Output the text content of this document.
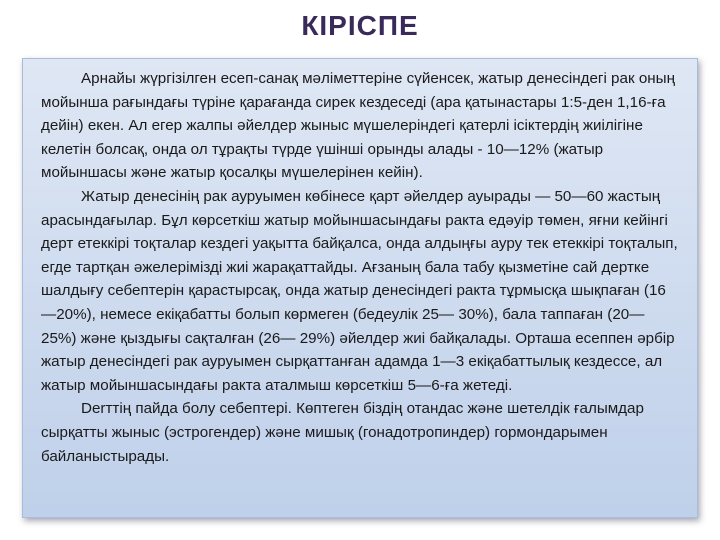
КІРІСПЕ

Арнайы жүргізілген есеп-санақ мәліметтеріне сүйенсек, жатыр денесіндегі рак оның мойынша рағындағы түріне қарағанда сирек кездеседі (ара қатынастары 1:5-ден 1,16-ға дейін) екен. Ал егер жалпы әйелдер жыныс мүшелеріндегі қатерлі ісіктердің жиілігіне келетін болсақ, онда ол тұрақты түрде үшінші орынды алады - 10—12% (жатыр мойыншасы және жатыр қосалқы мүшелерінен кейін).

Жатыр денесінің рак ауруымен көбінесе қарт әйелдер ауырады — 50—60 жастың арасындағылар. Бұл көрсеткіш жатыр мойыншасындағы ракта едәуір төмен, яғни кейінгі дерт етеккірі тоқталар кездегі уақытта байқалса, онда алдыңғы ауру тек етеккірі тоқталып, егде тартқан әжелерімізді жиі жарақаттайды. Ағзаның бала табу қызметіне сай дертке шалдығу себептерін қарастырсақ, онда жатыр денесіндегі ракта тұрмысқа шықпаған (16—20%), немесе екіқабатты болып көрмеген (бедеулік 25— 30%), бала таппаған (20—25%) және қыздығы сақталған (26— 29%) әйелдер жиі байқалады. Орташа есеппен әрбір жатыр денесіндегі рак ауруымен сырқаттанған адамда 1—3 екіқабаттылық кездессе, ал жатыр мойыншасындағы ракта аталмыш көрсеткіш 5—6-ға жетеді.

Derттің пайда болу себептері. Көптеген біздің отандас және шетелдік ғалымдар сырқатты жыныс (эстрогендер) және мишық (гонадотропиндер) гормондарымен байланыстырады.
